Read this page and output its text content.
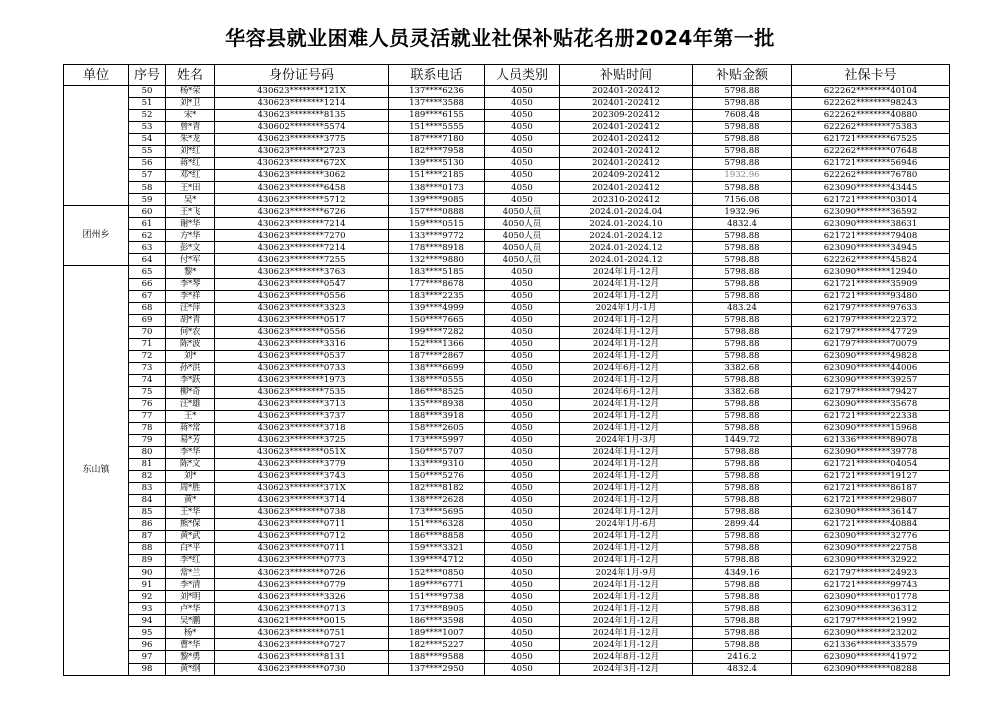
华容县就业困难人员灵活就业社保补贴花名册2024年第一批
单位	序号	姓名	身份证号码	联系电话	人员类别	补贴时间	补贴金额	社保卡号
	50	杨*荣	430623********121X	137****6236	4050	202401-202412	5798.88	622262********40104
	51	刘*卫	430623********1214	137****3588	4050	202401-202412	5798.88	622262********98243
	52	宋*	430623********8135	189****6155	4050	202309-202412	7608.48	622262********40880
	53	曾*青	430602********5574	151****5555	4050	202401-202412	5798.88	622262********75383
	54	朱*龙	430623********3775	187****7180	4050	202401-202412	5798.88	621721********67525
	55	刘*红	430623********2723	182****7958	4050	202401-202412	5798.88	622262********07648
	56	蒋*红	430623********672X	139****5130	4050	202401-202412	5798.88	621721********56946
	57	邓*红	430623********3062	151****2185	4050	202409-202412	1932.96	622262********76780
	58	王*田	430623********6458	138****0173	4050	202401-202412	5798.88	623090********43445
	59	吴*	430623********5712	139****9085	4050	202310-202412	7156.08	621721********03014
团州乡	60	王*飞	430623********6726	157****0888	4050人员	2024.01-2024.04	1932.96	623090********36592
	61	谢*华	430623********7214	159****0515	4050人员	2024.01-2024.10	4832.4	623090********38631
	62	方*华	430623********7270	133****9772	4050人员	2024.01-2024.12	5798.88	621721********79408
	63	彭*文	430623********7214	178****8918	4050人员	2024.01-2024.12	5798.88	623090********34945
	64	付*军	430623********7255	132****9880	4050人员	2024.01-2024.12	5798.88	622262********45824
东山镇	65	黎*	430623********3763	183****5185	4050	2024年1月-12月	5798.88	623090********12940
	66	李*琴	430623********0547	177****8678	4050	2024年1月-12月	5798.88	621721********35909
	67	李*祥	430623********0556	183****2235	4050	2024年1月-12月	5798.88	621721********93480
	68	汪*萍	430623********3323	139****4999	4050	2024年1月-1月	483.24	621797********97633
	69	胡*青	430623********0517	150****7665	4050	2024年1月-12月	5798.88	621797********22372
	70	何*农	430623********0556	199****7282	4050	2024年1月-12月	5798.88	621797********47729
	71	陈*波	430623********3316	152****1366	4050	2024年1月-12月	5798.88	621797********70079
	72	刘*	430623********0537	187****2867	4050	2024年1月-12月	5798.88	623090********49828
	73	孙*洪	430623********0733	138****6699	4050	2024年6月-12月	3382.68	623090********44006
	74	李*跃	430623********1973	138****0555	4050	2024年1月-12月	5798.88	623090********39257
	75	柳*奇	430623********7535	186****8525	4050	2024年6月-12月	3382.68	621797********79427
	76	汪*雄	430623********3713	135****8938	4050	2024年1月-12月	5798.88	623090********35678
	77	王*	430623********3737	188****3918	4050	2024年1月-12月	5798.88	621721********22338
	78	蒋*常	430623********3718	158****2605	4050	2024年1月-12月	5798.88	623090********15968
	79	易*芳	430623********3725	173****5997	4050	2024年1月-3月	1449.72	621336********89078
	80	李*华	430623********051X	150****5707	4050	2024年1月-12月	5798.88	623090********39778
	81	陈*文	430623********3779	133****9310	4050	2024年1月-12月	5798.88	621721********04054
	82	刘*	430623********3743	150****5276	4050	2024年1月-12月	5798.88	621721********19127
	83	周*胜	430623********371X	182****8182	4050	2024年1月-12月	5798.88	621721********86187
	84	黄*	430623********3714	138****2628	4050	2024年1月-12月	5798.88	621721********29807
	85	王*华	430623********0738	173****5695	4050	2024年1月-12月	5798.88	623090********36147
	86	熊*保	430623********0711	151****6328	4050	2024年1月-6月	2899.44	621721********40884
	87	黄*武	430623********0712	186****8858	4050	2024年1月-12月	5798.88	623090********32776
	88	白*平	430623********0711	159****3321	4050	2024年1月-12月	5798.88	623090********22758
	89	李*红	430623********0773	139****4712	4050	2024年1月-12月	5798.88	623090********32922
	90	常*兰	430623********0726	152****0850	4050	2024年1月-9月	4349.16	621797********24923
	91	李*清	430623********0779	189****6771	4050	2024年1月-12月	5798.88	621721********99743
	92	刘*明	430623********3326	151****9738	4050	2024年1月-12月	5798.88	623090********01778
	93	卢*华	430623********0713	173****8905	4050	2024年1月-12月	5798.88	623090********36312
	94	吴*鹏	430621********0015	186****3598	4050	2024年1月-12月	5798.88	621797********21992
	95	杨*	430623********0751	189****1007	4050	2024年1月-12月	5798.88	623090********23202
	96	曹*华	430623********0727	182****5227	4050	2024年1月-12月	5798.88	621336********33579
	97	黎*勇	430623********8131	188****9588	4050	2024年8月-12月	2416.2	623090********41972
	98	黄*纲	430623********0730	137****2950	4050	2024年3月-12月	4832.4	623090********08288
